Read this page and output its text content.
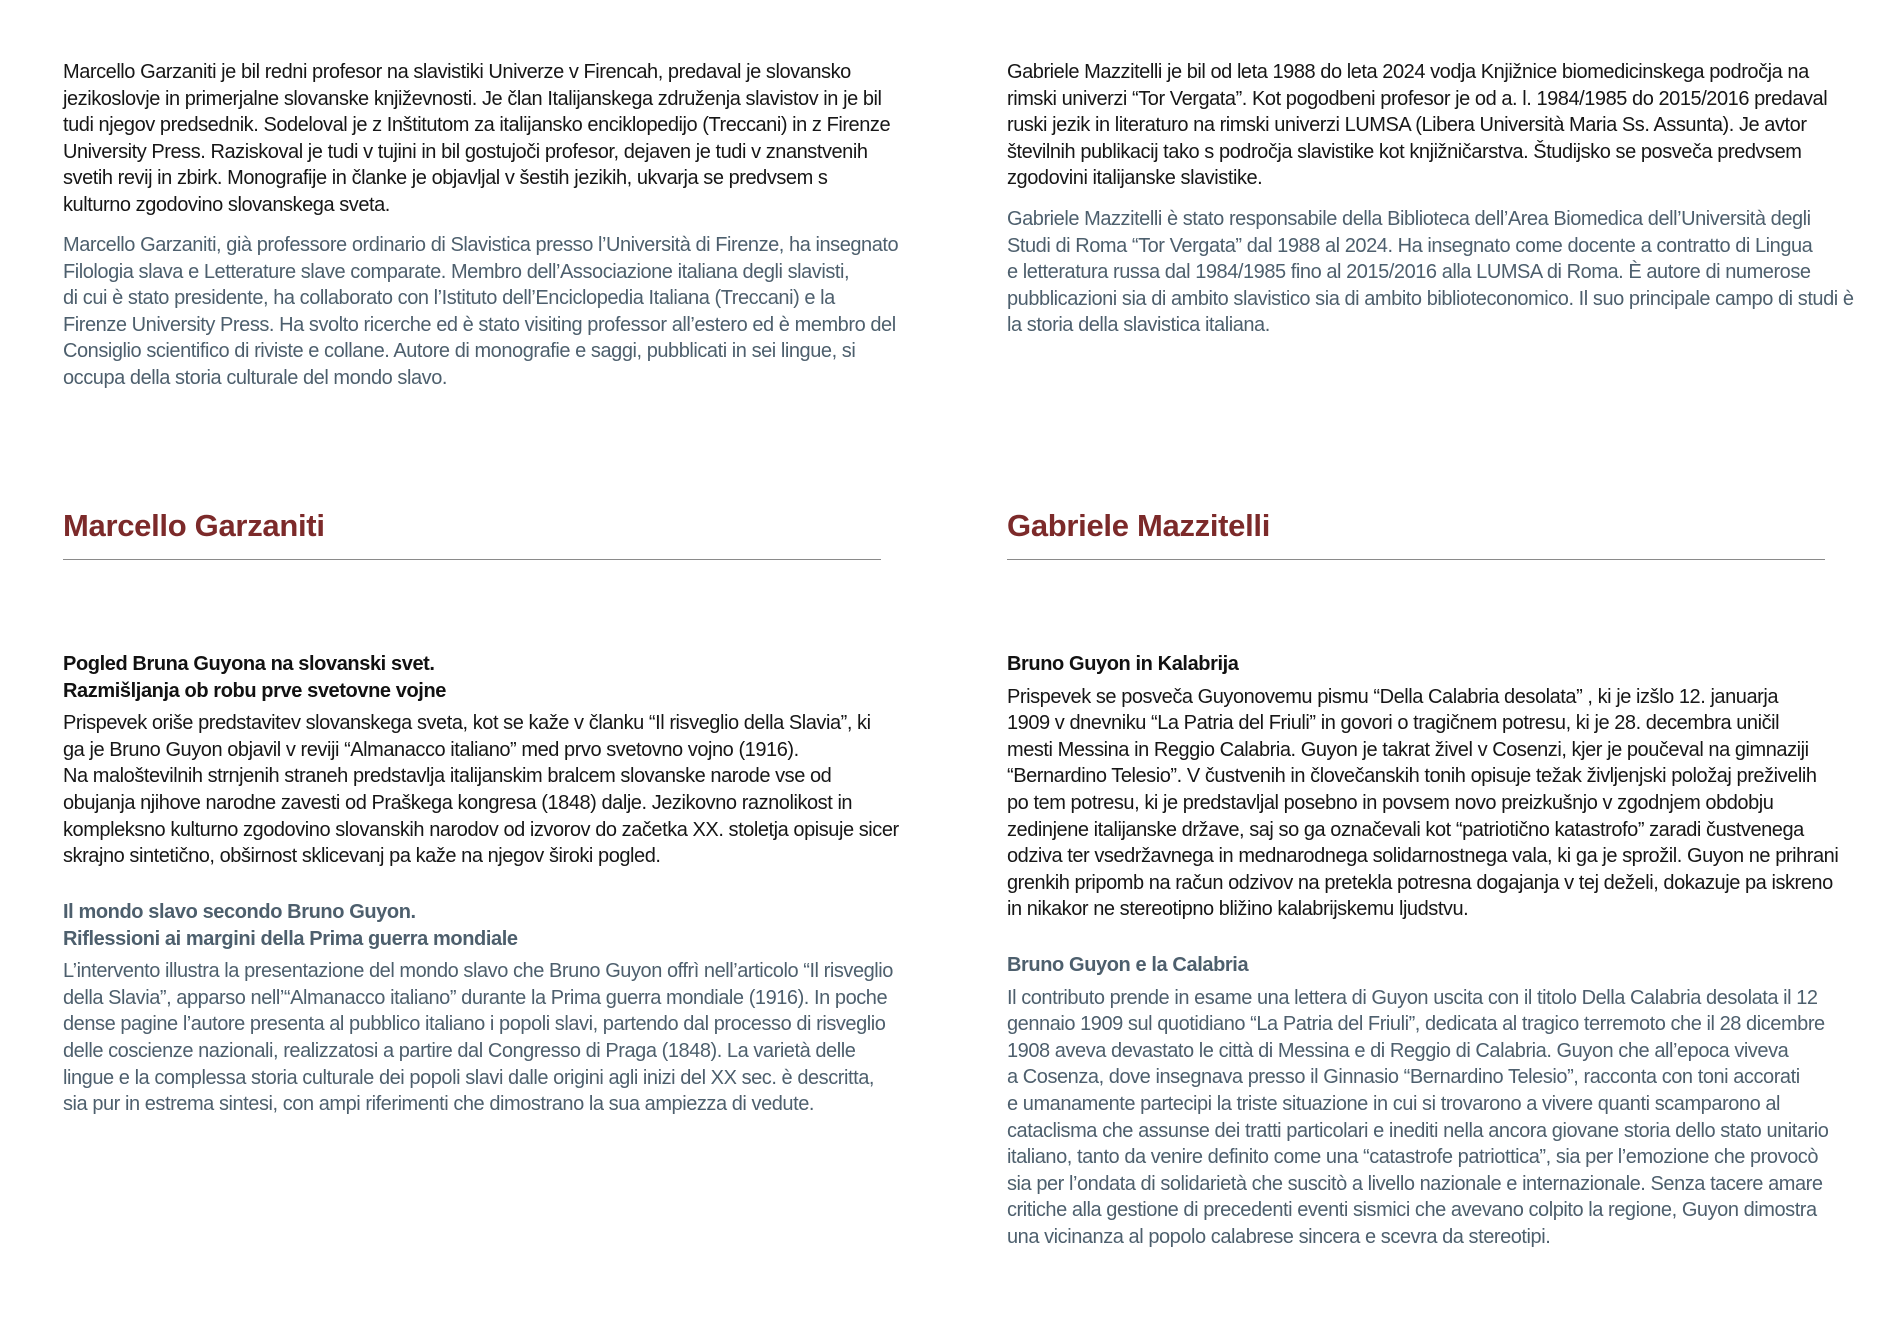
Marcello Garzaniti je bil redni profesor na slavistiki Univerze v Firencah, predaval je slovansko
jezikoslovje in primerjalne slovanske književnosti. Je član Italijanskega združenja slavistov in je bil
tudi njegov predsednik. Sodeloval je z Inštitutom za italijansko enciklopedijo (Treccani) in z Firenze
University Press. Raziskoval je tudi v tujini in bil gostujoči profesor, dejaven je tudi v znanstvenih
svetih revij in zbirk. Monografije in članke je objavljal v šestih jezikih, ukvarja se predvsem s
kulturno zgodovino slovanskega sveta.

Marcello Garzaniti, già professore ordinario di Slavistica presso l’Università di Firenze, ha insegnato
Filologia slava e Letterature slave comparate. Membro dell’Associazione italiana degli slavisti,
di cui è stato presidente, ha collaborato con l’Istituto dell’Enciclopedia Italiana (Treccani) e la
Firenze University Press. Ha svolto ricerche ed è stato visiting professor all’estero ed è membro del
Consiglio scientifico di riviste e collane. Autore di monografie e saggi, pubblicati in sei lingue, si
occupa della storia culturale del mondo slavo.

Marcello Garzaniti
Pogled Bruna Guyona na slovanski svet.
Razmišljanja ob robu prve svetovne vojne

Prispevek oriše predstavitev slovanskega sveta, kot se kaže v članku “Il risveglio della Slavia”, ki
ga je Bruno Guyon objavil v reviji “Almanacco italiano” med prvo svetovno vojno (1916).
Na maloštevilnih strnjenih straneh predstavlja italijanskim bralcem slovanske narode vse od
obujanja njihove narodne zavesti od Praškega kongresa (1848) dalje. Jezikovno raznolikost in
kompleksno kulturno zgodovino slovanskih narodov od izvorov do začetka XX. stoletja opisuje sicer
skrajno sintetično, obširnost sklicevanj pa kaže na njegov široki pogled.

Il mondo slavo secondo Bruno Guyon.
Riflessioni ai margini della Prima guerra mondiale

L’intervento illustra la presentazione del mondo slavo che Bruno Guyon offrì nell’articolo “Il risveglio
della Slavia”, apparso nell’“Almanacco italiano” durante la Prima guerra mondiale (1916). In poche
dense pagine l’autore presenta al pubblico italiano i popoli slavi, partendo dal processo di risveglio
delle coscienze nazionali, realizzatosi a partire dal Congresso di Praga (1848). La varietà delle
lingue e la complessa storia culturale dei popoli slavi dalle origini agli inizi del XX sec. è descritta,
sia pur in estrema sintesi, con ampi riferimenti che dimostrano la sua ampiezza di vedute.

Gabriele Mazzitelli je bil od leta 1988 do leta 2024 vodja Knjižnice biomedicinskega področja na
rimski univerzi “Tor Vergata”. Kot pogodbeni profesor je od a. l. 1984/1985 do 2015/2016 predaval
ruski jezik in literaturo na rimski univerzi LUMSA (Libera Università Maria Ss. Assunta). Je avtor
številnih publikacij tako s področja slavistike kot knjižničarstva. Študijsko se posveča predvsem
zgodovini italijanske slavistike.

Gabriele Mazzitelli è stato responsabile della Biblioteca dell’Area Biomedica dell’Università degli
Studi di Roma “Tor Vergata” dal 1988 al 2024. Ha insegnato come docente a contratto di Lingua
e letteratura russa dal 1984/1985 fino al 2015/2016 alla LUMSA di Roma. È autore di numerose
pubblicazioni sia di ambito slavistico sia di ambito biblioteconomico. Il suo principale campo di studi è
la storia della slavistica italiana.

Gabriele Mazzitelli
Bruno Guyon in Kalabrija

Prispevek se posveča Guyonovemu pismu “Della Calabria desolata” , ki je izšlo 12. januarja
1909 v dnevniku “La Patria del Friuli” in govori o tragičnem potresu, ki je 28. decembra uničil
mesti Messina in Reggio Calabria. Guyon je takrat živel v Cosenzi, kjer je poučeval na gimnaziji
“Bernardino Telesio”. V čustvenih in človečanskih tonih opisuje težak življenjski položaj preživelih
po tem potresu, ki je predstavljal posebno in povsem novo preizkušnjo v zgodnjem obdobju
zedinjene italijanske države, saj so ga označevali kot “patriotično katastrofo” zaradi čustvenega
odziva ter vsedržavnega in mednarodnega solidarnostnega vala, ki ga je sprožil. Guyon ne prihrani
grenkih pripomb na račun odzivov na pretekla potresna dogajanja v tej deželi, dokazuje pa iskreno
in nikakor ne stereotipno bližino kalabrijskemu ljudstvu.

Bruno Guyon e la Calabria

Il contributo prende in esame una lettera di Guyon uscita con il titolo Della Calabria desolata il 12
gennaio 1909 sul quotidiano “La Patria del Friuli”, dedicata al tragico terremoto che il 28 dicembre
1908 aveva devastato le città di Messina e di Reggio di Calabria. Guyon che all’epoca viveva
a Cosenza, dove insegnava presso il Ginnasio “Bernardino Telesio”, racconta con toni accorati
e umanamente partecipi la triste situazione in cui si trovarono a vivere quanti scamparono al
cataclisma che assunse dei tratti particolari e inediti nella ancora giovane storia dello stato unitario
italiano, tanto da venire definito come una “catastrofe patriottica”, sia per l’emozione che provocò
sia per l’ondata di solidarietà che suscitò a livello nazionale e internazionale. Senza tacere amare
critiche alla gestione di precedenti eventi sismici che avevano colpito la regione, Guyon dimostra
una vicinanza al popolo calabrese sincera e scevra da stereotipi.
